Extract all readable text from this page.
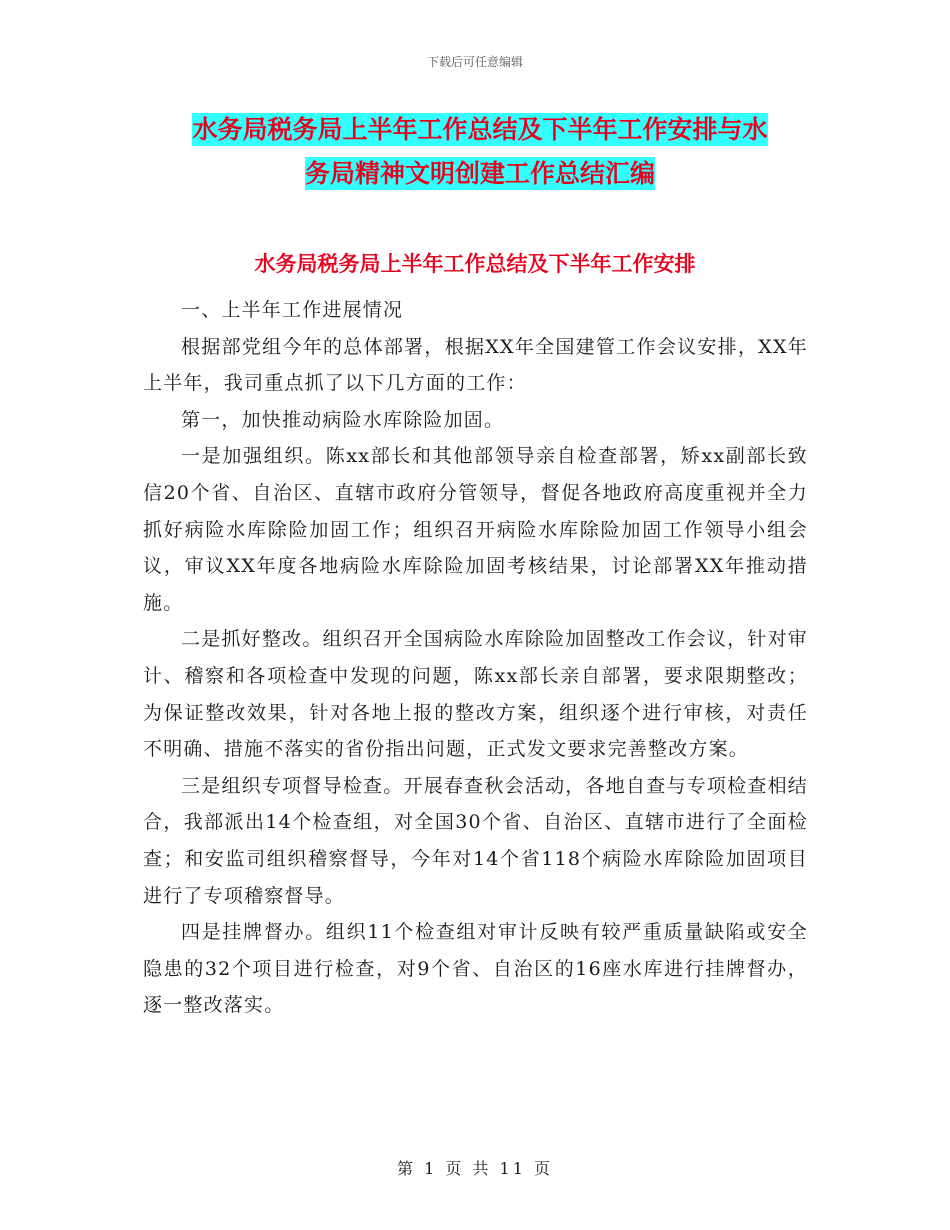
下载后可任意编辑
水务局税务局上半年工作总结及下半年工作安排与水
务局精神文明创建工作总结汇编
水务局税务局上半年工作总结及下半年工作安排

一、上半年工作进展情况

根据部党组今年的总体部署，根据XX年全国建管工作会议安排，XX年上半年，我司重点抓了以下几方面的工作：

第一，加快推动病险水库除险加固。

一是加强组织。陈xx部长和其他部领导亲自检查部署，矫xx副部长致信20个省、自治区、直辖市政府分管领导，督促各地政府高度重视并全力抓好病险水库除险加固工作；组织召开病险水库除险加固工作领导小组会议，审议XX年度各地病险水库除险加固考核结果，讨论部署XX年推动措施。

二是抓好整改。组织召开全国病险水库除险加固整改工作会议，针对审计、稽察和各项检查中发现的问题，陈xx部长亲自部署，要求限期整改；为保证整改效果，针对各地上报的整改方案，组织逐个进行审核，对责任不明确、措施不落实的省份指出问题，正式发文要求完善整改方案。

三是组织专项督导检查。开展春查秋会活动，各地自查与专项检查相结合，我部派出14个检查组，对全国30个省、自治区、直辖市进行了全面检查；和安监司组织稽察督导，今年对14个省118个病险水库除险加固项目进行了专项稽察督导。

四是挂牌督办。组织11个检查组对审计反映有较严重质量缺陷或安全隐患的32个项目进行检查，对9个省、自治区的16座水库进行挂牌督办，逐一整改落实。

第 1 页 共 11 页
